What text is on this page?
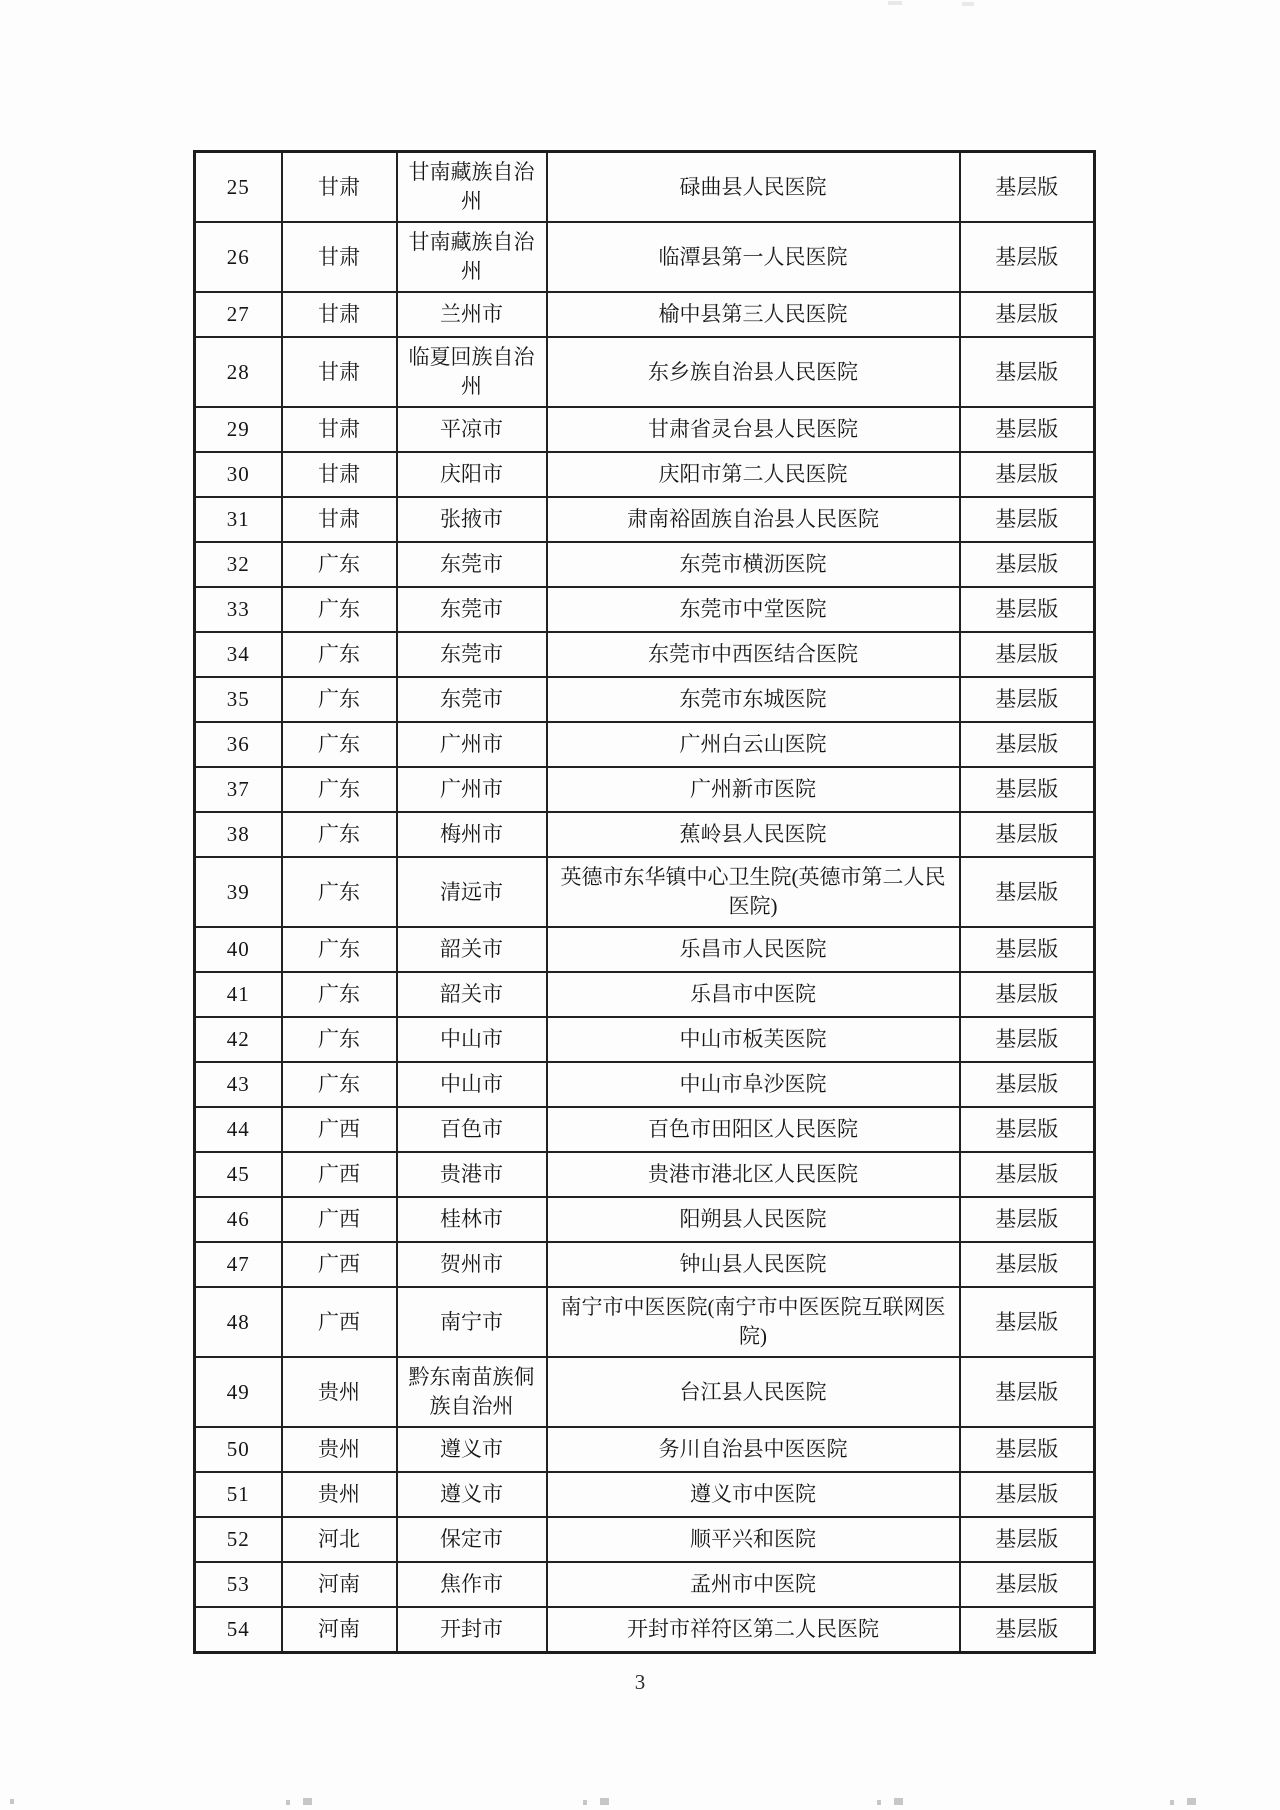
25	甘肃	甘南藏族自治州	碌曲县人民医院	基层版
26	甘肃	甘南藏族自治州	临潭县第一人民医院	基层版
27	甘肃	兰州市	榆中县第三人民医院	基层版
28	甘肃	临夏回族自治州	东乡族自治县人民医院	基层版
29	甘肃	平凉市	甘肃省灵台县人民医院	基层版
30	甘肃	庆阳市	庆阳市第二人民医院	基层版
31	甘肃	张掖市	肃南裕固族自治县人民医院	基层版
32	广东	东莞市	东莞市横沥医院	基层版
33	广东	东莞市	东莞市中堂医院	基层版
34	广东	东莞市	东莞市中西医结合医院	基层版
35	广东	东莞市	东莞市东城医院	基层版
36	广东	广州市	广州白云山医院	基层版
37	广东	广州市	广州新市医院	基层版
38	广东	梅州市	蕉岭县人民医院	基层版
39	广东	清远市	英德市东华镇中心卫生院(英德市第二人民医院)	基层版
40	广东	韶关市	乐昌市人民医院	基层版
41	广东	韶关市	乐昌市中医院	基层版
42	广东	中山市	中山市板芙医院	基层版
43	广东	中山市	中山市阜沙医院	基层版
44	广西	百色市	百色市田阳区人民医院	基层版
45	广西	贵港市	贵港市港北区人民医院	基层版
46	广西	桂林市	阳朔县人民医院	基层版
47	广西	贺州市	钟山县人民医院	基层版
48	广西	南宁市	南宁市中医医院(南宁市中医医院互联网医院)	基层版
49	贵州	黔东南苗族侗族自治州	台江县人民医院	基层版
50	贵州	遵义市	务川自治县中医医院	基层版
51	贵州	遵义市	遵义市中医院	基层版
52	河北	保定市	顺平兴和医院	基层版
53	河南	焦作市	孟州市中医院	基层版
54	河南	开封市	开封市祥符区第二人民医院	基层版
3
